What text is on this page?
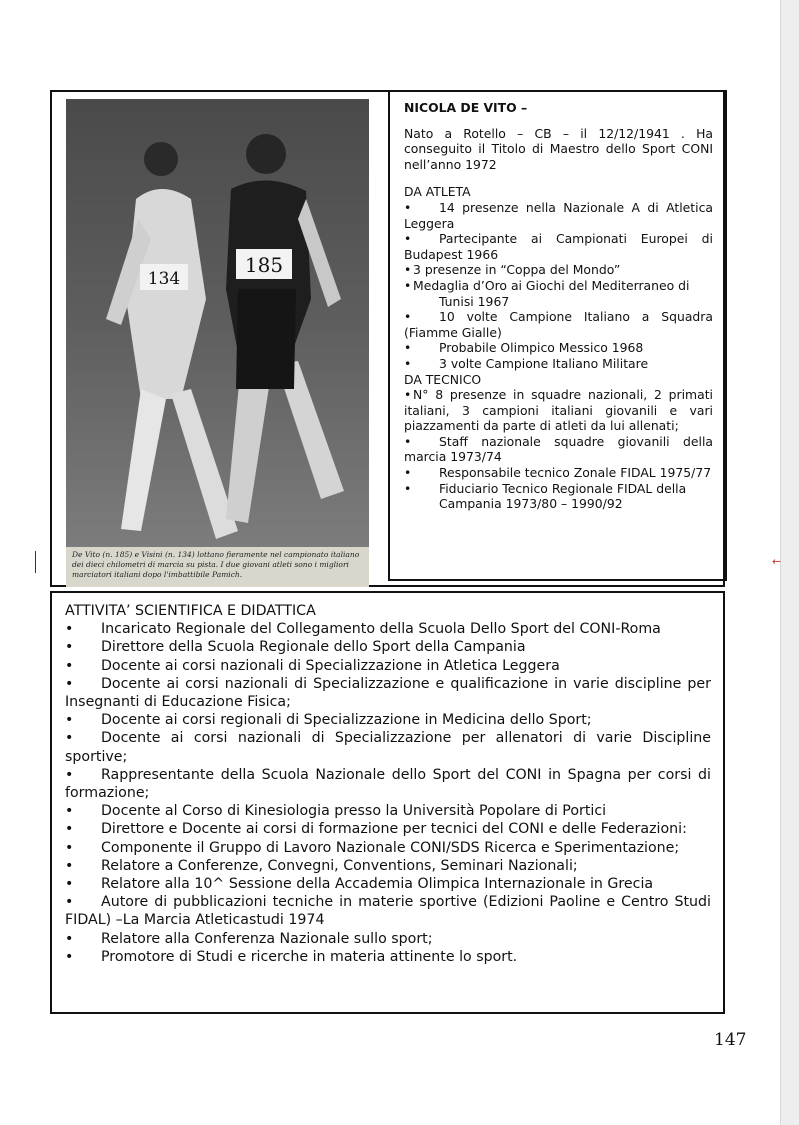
←
134
185
De Vito (n. 185) e Visini (n. 134) lottano fieramente nel campionato italiano dei dieci chilometri di marcia su pista. I due giovani atleti sono i migliori marciatori italiani dopo l'imbattibile Pamich.
NICOLA DE VITO –
Nato a Rotello – CB – il 12/12/1941 . Ha conseguito il Titolo di Maestro dello Sport CONI nell’anno 1972
DA ATLETA
• 14 presenze nella Nazionale A di Atletica Leggera
• Partecipante ai Campionati Europei di Budapest 1966
• 3 presenze in “Coppa del Mondo”
• Medaglia d’Oro ai Giochi del Mediterraneo di
Tunisi 1967
• 10 volte Campione Italiano a Squadra (Fiamme Gialle)
• Probabile Olimpico Messico 1968
• 3 volte Campione Italiano Militare
DA TECNICO
• N° 8 presenze in squadre nazionali, 2 primati italiani, 3 campioni italiani giovanili e vari piazzamenti da parte di atleti da lui allenati;
• Staff nazionale squadre giovanili della marcia 1973/74
• Responsabile tecnico Zonale FIDAL 1975/77
• Fiduciario Tecnico Regionale FIDAL della
Campania 1973/80 – 1990/92
ATTIVITA’ SCIENTIFICA E DIDATTICA
• Incaricato Regionale del Collegamento della Scuola Dello Sport del CONI-Roma
• Direttore della Scuola Regionale dello Sport della Campania
• Docente ai corsi nazionali di Specializzazione in Atletica Leggera
• Docente ai corsi nazionali di Specializzazione e qualificazione in varie discipline per Insegnanti di Educazione Fisica;
• Docente ai corsi regionali di Specializzazione in Medicina dello Sport;
• Docente ai corsi nazionali di Specializzazione per allenatori di varie Discipline sportive;
• Rappresentante della Scuola Nazionale dello Sport del CONI in Spagna per corsi di formazione;
• Docente al Corso di Kinesiologia presso la Università Popolare di Portici
• Direttore e Docente ai corsi di formazione per tecnici del CONI e delle Federazioni:
• Componente il Gruppo di Lavoro Nazionale CONI/SDS Ricerca e Sperimentazione;
• Relatore a Conferenze, Convegni, Conventions, Seminari Nazionali;
• Relatore alla 10^ Sessione della Accademia Olimpica Internazionale in Grecia
• Autore di pubblicazioni tecniche in materie sportive (Edizioni Paoline e Centro Studi FIDAL) –La Marcia Atleticastudi 1974
• Relatore alla Conferenza Nazionale sullo sport;
• Promotore di Studi e ricerche in materia attinente lo sport.
147
